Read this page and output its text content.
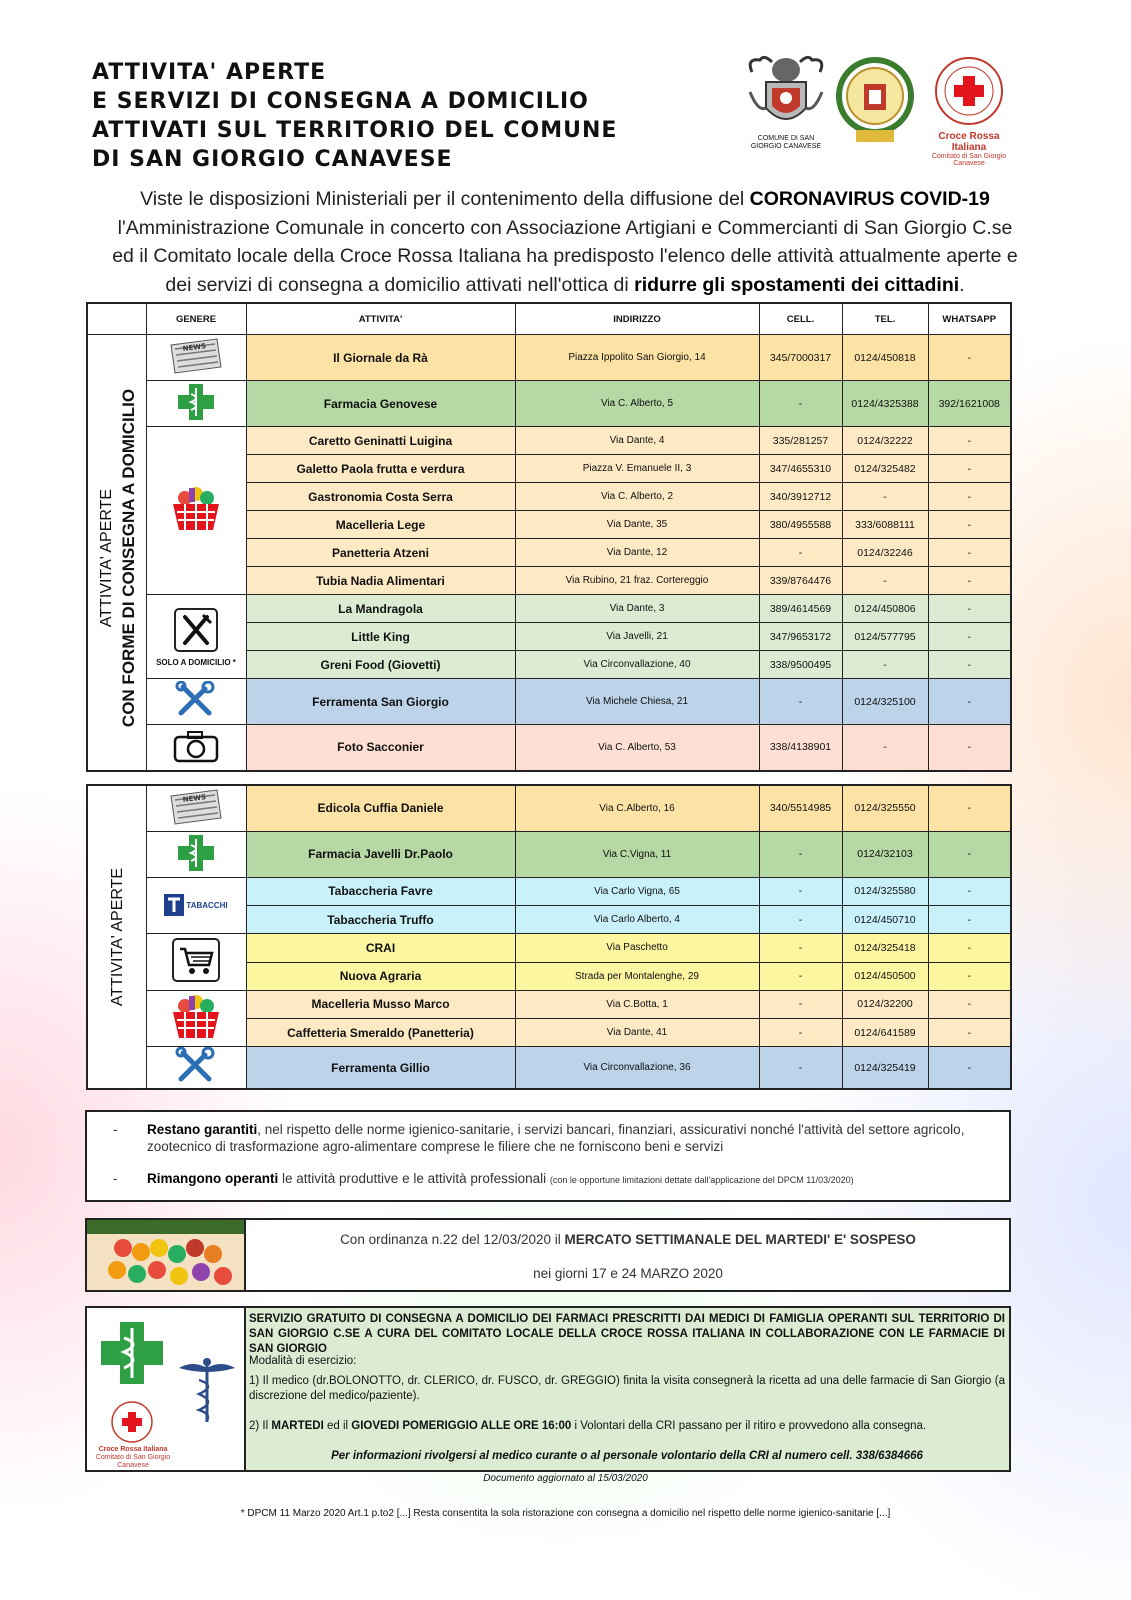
ATTIVITA' APERTE
E SERVIZI DI CONSEGNA A DOMICILIO
ATTIVATI SUL TERRITORIO DEL COMUNE
DI SAN GIORGIO CANAVESE
COMUNE DI SAN GIORGIO CANAVESE
Croce Rossa Italiana
Comitato di San Giorgio Canavese
Viste le disposizioni Ministeriali per il contenimento della diffusione del CORONAVIRUS COVID-19
l'Amministrazione Comunale in concerto con Associazione Artigiani e Commercianti di San Giorgio C.se
ed il Comitato locale della Croce Rossa Italiana ha predisposto l'elenco delle attività attualmente aperte e
dei servizi di consegna a domicilio attivati nell'ottica di ridurre gli spostamenti dei cittadini.
	GENERE	ATTIVITA'	INDIRIZZO	CELL.	TEL.	WHATSAPP

ATTIVITA' APERTE CON FORME DI CONSEGNA A DOMICILIO	NEWS	Il Giornale da Rà	Piazza Ippolito San Giorgio, 14	345/7000317	0124/450818	-
	Farmacia Genovese	Via C. Alberto, 5	-	0124/4325388	392/1621008
	Caretto Geninatti Luigina	Via Dante, 4	335/281257	0124/32222	-
		Galetto Paola frutta e verdura	Piazza V. Emanuele II, 3	347/4655310	0124/325482	-
		Gastronomia Costa Serra	Via C. Alberto, 2	340/3912712	-	-
		Macelleria Lege	Via Dante, 35	380/4955588	333/6088111	-
		Panetteria Atzeni	Via Dante, 12	-	0124/32246	-
		Tubia Nadia Alimentari	Via Rubino, 21 fraz. Cortereggio	339/8764476	-	-

	SOLO A DOMICILIO *	La Mandragola	Via Dante, 3	389/4614569	0124/450806	-
		Little King	Via Javelli, 21	347/9653172	0124/577795	-
		Greni Food (Giovetti)	Via Circonvallazione, 40	338/9500495	-	-
	Ferramenta San Giorgio	Via Michele Chiesa, 21	-	0124/325100	-
	Foto Sacconier	Via C. Alberto, 53	338/4138901	-	-
ATTIVITA' APERTE	NEWS	Edicola Cuffia Daniele	Via C.Alberto, 16	340/5514985	0124/325550	-
	Farmacia Javelli Dr.Paolo	Via C.Vigna, 11	-	0124/32103	-

	TABACCHI	Tabaccheria Favre	Via Carlo Vigna, 65	-	0124/325580	-
		Tabaccheria Truffo	Via Carlo Alberto, 4	-	0124/450710	-
	CRAI	Via Paschetto	-	0124/325418	-
		Nuova Agraria	Strada per Montalenghe, 29	-	0124/450500	-
	Macelleria Musso Marco	Via C.Botta, 1	-	0124/32200	-
		Caffetteria Smeraldo (Panetteria)	Via Dante, 41	-	0124/641589	-
	Ferramenta Gillio	Via Circonvallazione, 36	-	0124/325419	-
-	Restano garantiti, nel rispetto delle norme igienico-sanitarie, i servizi bancari, finanziari, assicurativi nonché l'attività del settore agricolo, zootecnico di trasformazione agro-alimentare comprese le filiere che ne forniscono beni e servizi
-	Rimangono operanti le attività produttive e le attività professionali (con le opportune limitazioni dettate dall'applicazione del DPCM 11/03/2020)
Con ordinanza n.22 del 12/03/2020 il MERCATO SETTIMANALE DEL MARTEDI' E' SOSPESO
nei giorni 17 e 24 MARZO 2020
Croce Rossa Italiana
Comitato di San Giorgio Canavese
SERVIZIO GRATUITO DI CONSEGNA A DOMICILIO DEI FARMACI PRESCRITTI DAI MEDICI DI FAMIGLIA OPERANTI SUL TERRITORIO DI SAN GIORGIO C.SE A CURA DEL COMITATO LOCALE DELLA CROCE ROSSA ITALIANA IN COLLABORAZIONE CON LE FARMACIE DI SAN GIORGIO
Modalità di esercizio:
1) Il medico (dr.BOLONOTTO, dr. CLERICO, dr. FUSCO, dr. GREGGIO) finita la visita consegnerà la ricetta ad una delle farmacie di San Giorgio (a discrezione del medico/paziente).
2) Il MARTEDI ed il GIOVEDI POMERIGGIO ALLE ORE 16:00 i Volontari della CRI passano per il ritiro e provvedono alla consegna.
Per informazioni rivolgersi al medico curante o al personale volontario della CRI al numero cell. 338/6384666
Documento aggiornato al 15/03/2020
* DPCM 11 Marzo 2020 Art.1 p.to2 [...] Resta consentita la sola ristorazione con consegna a domicilio nel rispetto delle norme igienico-sanitarie [...]
